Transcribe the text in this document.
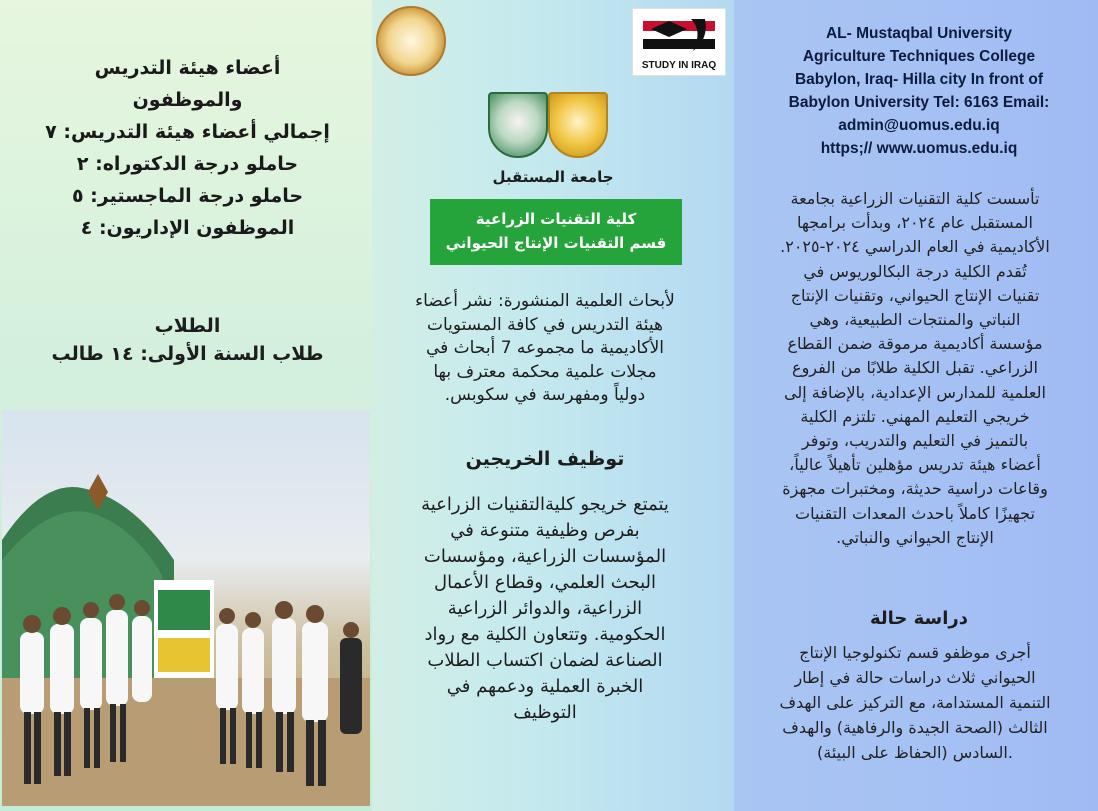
أعضاء هيئة التدريس
والموظفون
إجمالي أعضاء هيئة التدريس: ٧
حاملو درجة الدكتوراه: ٢
حاملو درجة الماجستير: ٥
الموظفون الإداريون: ٤
الطلاب
طلاب السنة الأولى: ١٤ طالب
STUDY IN IRAQ
جامعة المستقبل
كلية التقنيات الزراعية
قسم التقنيات الإنتاج الحيواني
لأبحاث العلمية المنشورة: نشر أعضاء
هيئة التدريس في كافة المستويات
الأكاديمية ما مجموعه 7 أبحاث في
مجلات علمية محكمة معترف بها
دولياً ومفهرسة في سكوبس.
توظيف الخريجين
يتمتع خريجو كليةالتقنيات الزراعية
بفرص وظيفية متنوعة في
المؤسسات الزراعية، ومؤسسات
البحث العلمي، وقطاع الأعمال
الزراعية، والدوائر الزراعية
الحكومية. وتتعاون الكلية مع رواد
الصناعة لضمان اكتساب الطلاب
الخبرة العملية ودعمهم في
التوظيف
AL- Mustaqbal University
Agriculture Techniques College
Babylon, Iraq- Hilla city In front of
Babylon University Tel: 6163 Email:
admin@uomus.edu.iq
https;// www.uomus.edu.iq
تأسست كلية التقنيات الزراعية بجامعة
المستقبل عام ٢٠٢٤، وبدأت برامجها
الأكاديمية في العام الدراسي ٢٠٢٤-٢٠٢٥.
تُقدم الكلية درجة البكالوريوس في
تقنيات الإنتاج الحيواني، وتقنيات الإنتاج
النباتي والمنتجات الطبيعية، وهي
مؤسسة أكاديمية مرموقة ضمن القطاع
الزراعي. تقبل الكلية طلابًا من الفروع
العلمية للمدارس الإعدادية، بالإضافة إلى
خريجي التعليم المهني. تلتزم الكلية
بالتميز في التعليم والتدريب، وتوفر
أعضاء هيئة تدريس مؤهلين تأهيلاً عالياً،
وقاعات دراسية حديثة، ومختبرات مجهزة
تجهيزًا كاملاً باحدث المعدات التقنيات
الإنتاج الحيواني والنباتي.
دراسة حالة
أجرى موظفو قسم تكنولوجيا الإنتاج
الحيواني ثلاث دراسات حالة في إطار
التنمية المستدامة، مع التركيز على الهدف
الثالث (الصحة الجيدة والرفاهية) والهدف
.السادس (الحفاظ على البيئة)
